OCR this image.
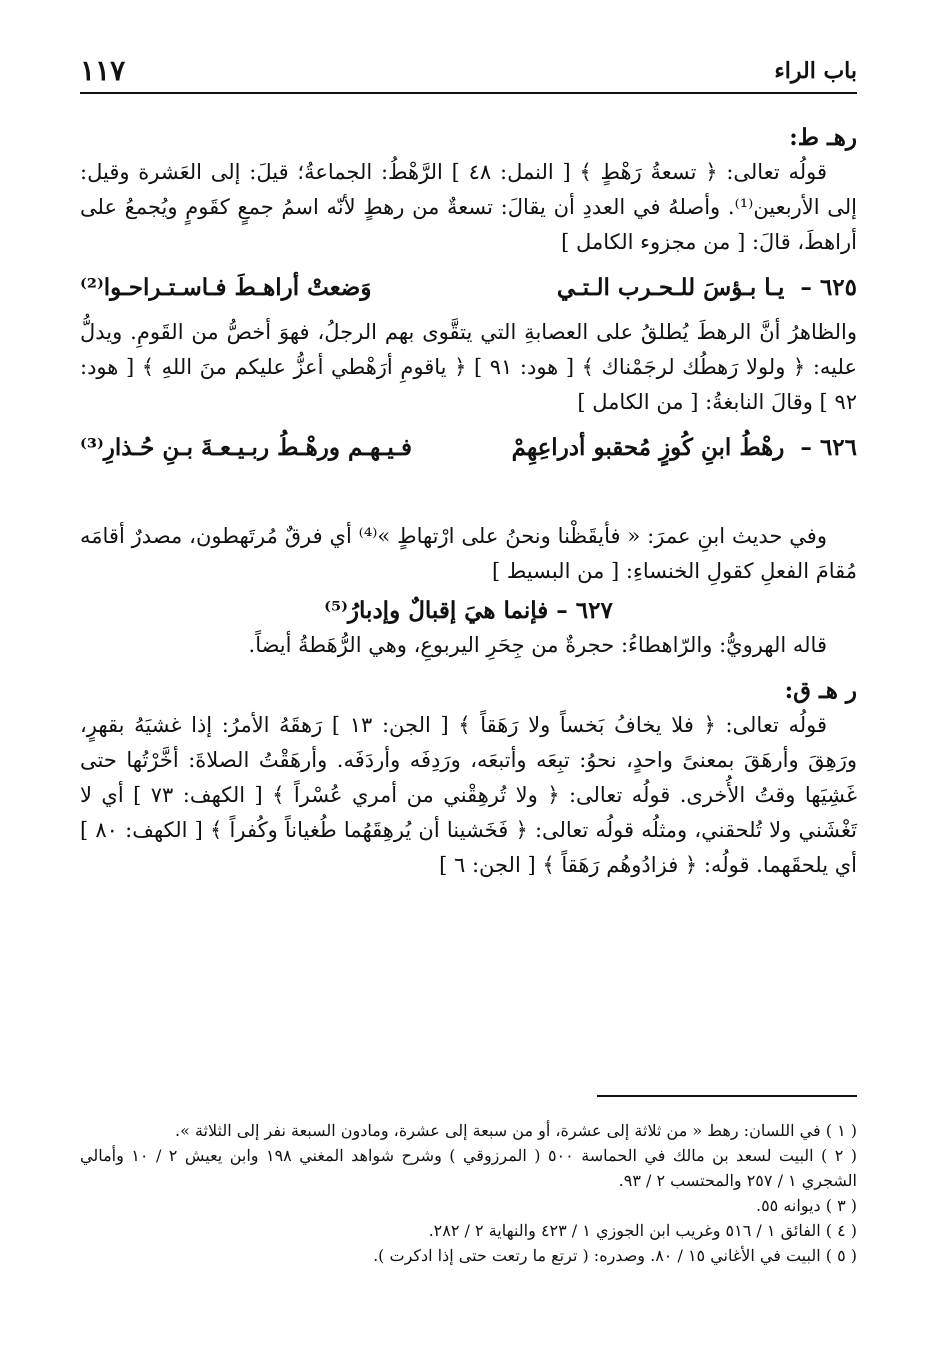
باب الراء
١١٧

رهـ ط:

قولُه تعالى: ﴿ تسعةُ رَهْطٍ ﴾ [ النمل: ٤٨ ] الرَّهْطُ: الجماعةُ؛ قيلَ: إلى العَشرة وقيل: إلى الأربعين⁽¹⁾. وأصلهُ في العددِ أن يقالَ: تسعةٌ من رهطٍ لأنّه اسمُ جمعٍ كقَومٍ ويُجمعُ على أراهطَ، قالَ: [ من مجزوء الكامل ]

٦٢٥ – يـا بـؤسَ للـحـرب الـتـي
وَضعتْ أراهـطَ فـاسـتـراحـوا⁽²⁾

والظاهرُ أنَّ الرهطَ يُطلقُ على العصابةِ التي يتقَّوى بهم الرجلُ، فهوَ أخصُّ من القَومِ. ويدلُّ عليه: ﴿ ولولا رَهطُك لرجَمْناك ﴾ [ هود: ٩١ ] ﴿ ياقومِ أرَهْطي أعزُّ عليكم منَ اللهِ ﴾ [ هود: ٩٢ ] وقالَ النابغةُ: [ من الكامل ]

٦٢٦ – رهْطُ ابنِ كُوزٍ مُحقبو أدراعِهِمْ
فـيـهـم ورهْـطُ ربـيـعـةَ بـنِ حُـذارِ⁽³⁾

وفي حديث ابنِ عمرَ: « فأيقَظْنا ونحنُ على ارْتهاطٍ »⁽⁴⁾ أي فرقٌ مُرتَهطون، مصدرٌ أقامَه مُقامَ الفعلِ كقولِ الخنساءِ: [ من البسيط ]

٦٢٧ – فإنما هيَ إقبالٌ وإدبارُ⁽⁵⁾

قاله الهرويُّ: والرّاهطاءُ: حجرةٌ من جِحَرِ اليربوعِ، وهي الرُّهَطةُ أيضاً.

ر هـ ق:

قولُه تعالى: ﴿ فلا يخافُ بَخساً ولا رَهَقاً ﴾ [ الجن: ١٣ ] رَهقَهُ الأمرُ: إذا غشيَهُ بقهرٍ، ورَهِقَ وأرهَقَ بمعنىً واحدٍ، نحوُ: تبِعَه وأتبعَه، ورَدِفَه وأردَفَه. وأرهَقْتُ الصلاةَ: أخَّرْتُها حتى غَشِيَها وقتُ الأُخرى. قولُه تعالى: ﴿ ولا تُرهِقْني من أمري عُسْراً ﴾ [ الكهف: ٧٣ ] أي لا تَغْشَني ولا تُلحقني، ومثلُه قولُه تعالى: ﴿ فَخَشينا أن يُرهِقَهُما طُغياناً وكُفراً ﴾ [ الكهف: ٨٠ ] أي يلحقَهما. قولُه: ﴿ فزادُوهُم رَهَقاً ﴾ [ الجن: ٦ ]

( ١ ) في اللسان: رهط « من ثلاثة إلى عشرة، أو من سبعة إلى عشرة، ومادون السبعة نفر إلى الثلاثة ».

( ٢ ) البيت لسعد بن مالك في الحماسة ٥٠٠ ( المرزوقي ) وشرح شواهد المغني ١٩٨ وابن يعيش ٢ / ١٠ وأمالي الشجري ١ / ٢٥٧ والمحتسب ٢ / ٩٣.

( ٣ ) ديوانه ٥٥.

( ٤ ) الفائق ١ / ٥١٦ وغريب ابن الجوزي ١ / ٤٢٣ والنهاية ٢ / ٢٨٢.

( ٥ ) البيت في الأغاني ١٥ / ٨٠. وصدره: ( ترتع ما رتعت حتى إذا ادكرت ).
